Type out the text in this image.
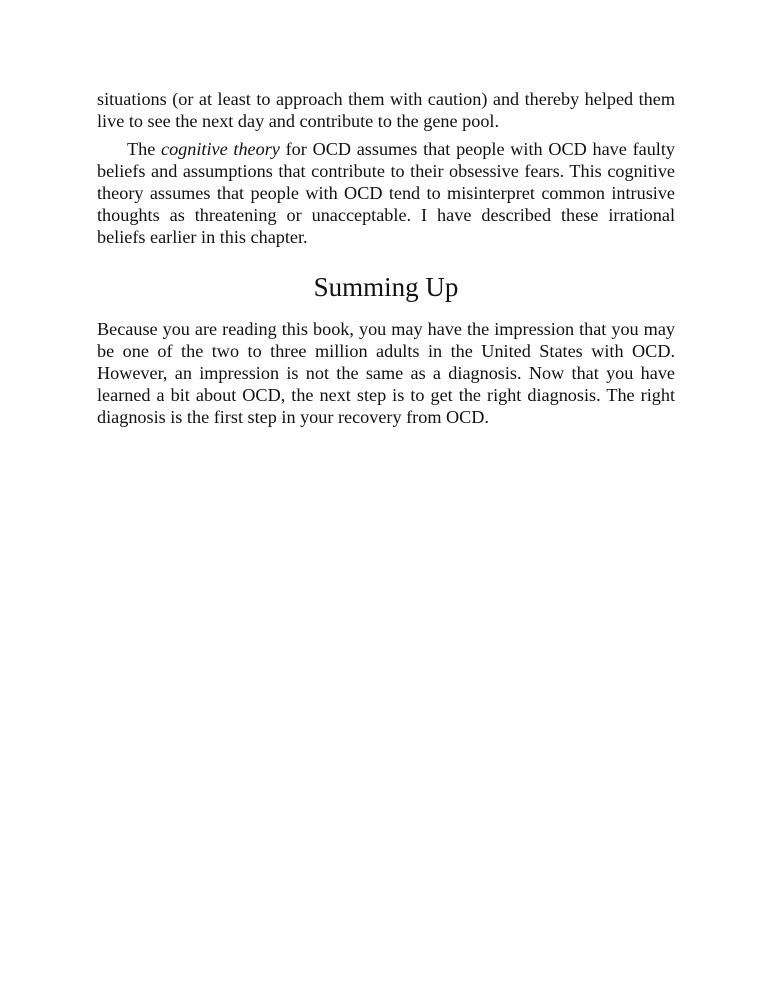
situations (or at least to approach them with caution) and thereby helped them live to see the next day and contribute to the gene pool.

The cognitive theory for OCD assumes that people with OCD have faulty beliefs and assumptions that contribute to their obsessive fears. This cognitive theory assumes that people with OCD tend to misinterpret common intrusive thoughts as threatening or unacceptable. I have described these irrational beliefs earlier in this chapter.

Summing Up

Because you are reading this book, you may have the impression that you may be one of the two to three million adults in the United States with OCD. However, an impression is not the same as a diagnosis. Now that you have learned a bit about OCD, the next step is to get the right diagnosis. The right diagnosis is the first step in your recovery from OCD.
